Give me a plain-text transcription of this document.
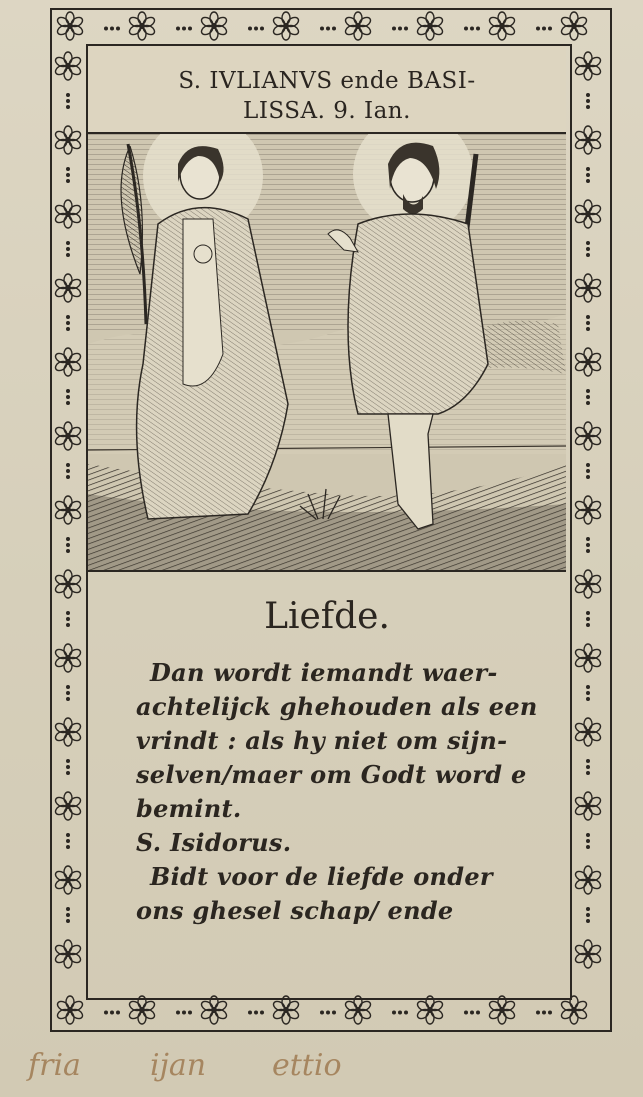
S. IVLIANVS ende BASI-
LISSA. 9. Ian.
Liefde.
Dan wordt iemandt waer-
achtelijck ghehouden als een
vrindt : als hy niet om sijn-
selven/maer om Godt word e
bemint.
S. Isidorus.
Bidt voor de liefde onder
ons ghesel schap/ ende
fria ijan ettio
